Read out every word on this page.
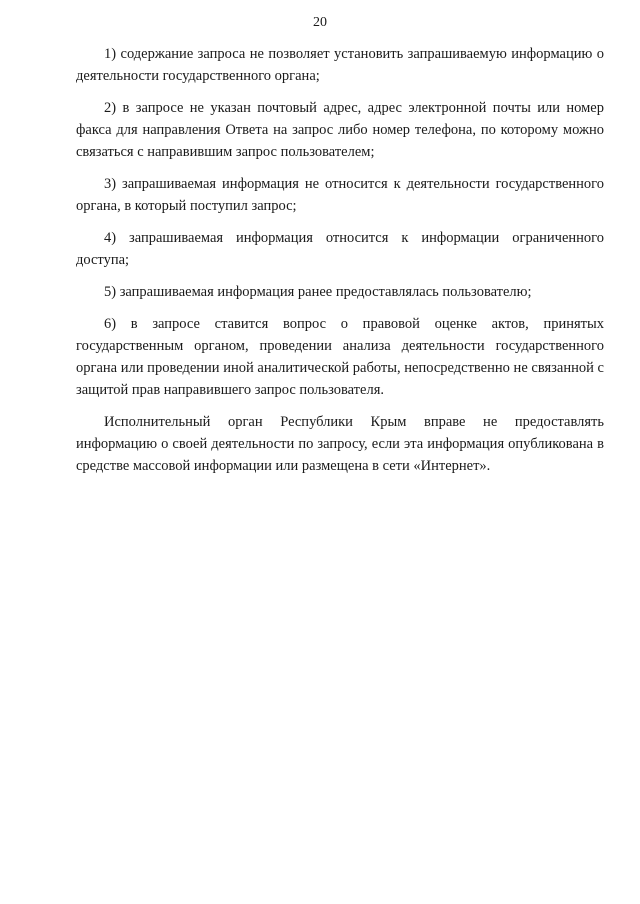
20

1) содержание запроса не позволяет установить запрашиваемую информацию о деятельности государственного органа;

2) в запросе не указан почтовый адрес, адрес электронной почты или номер факса для направления Ответа на запрос либо номер телефона, по которому можно связаться с направившим запрос пользователем;

3) запрашиваемая информация не относится к деятельности государственного органа, в который поступил запрос;

4) запрашиваемая информация относится к информации ограниченного доступа;

5) запрашиваемая информация ранее предоставлялась пользователю;

6) в запросе ставится вопрос о правовой оценке актов, принятых государственным органом, проведении анализа деятельности государственного органа или проведении иной аналитической работы, непосредственно не связанной с защитой прав направившего запрос пользователя.

Исполнительный орган Республики Крым вправе не предоставлять информацию о своей деятельности по запросу, если эта информация опубликована в средстве массовой информации или размещена в сети «Интернет».
